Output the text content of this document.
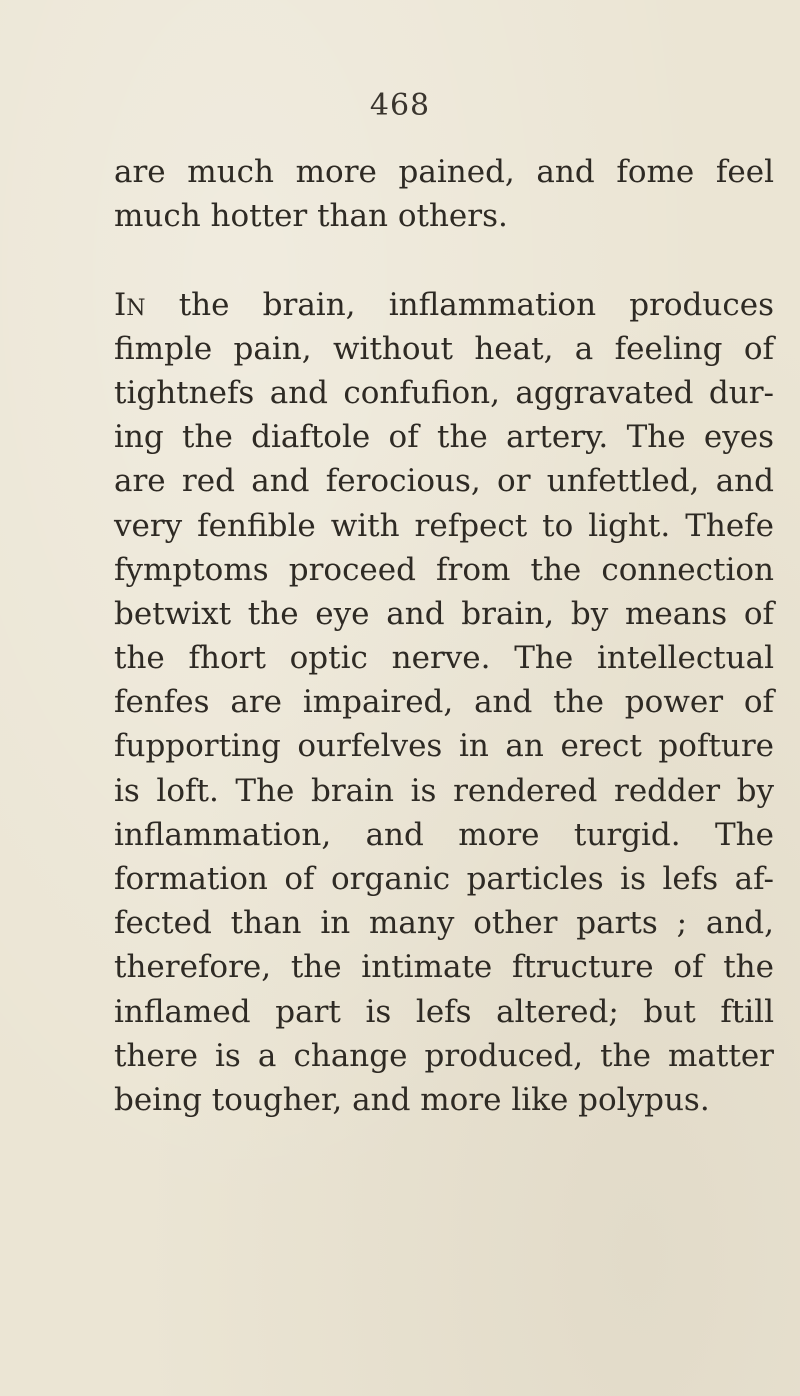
468
are much more pained, and fome feel
much hotter than others.
In the brain, inflammation produces
fimple pain, without heat, a feeling of
tightnefs and confufion, aggravated dur-
ing the diaftole of the artery. The eyes
are red and ferocious, or unfettled, and
very fenfible with refpect to light. Thefe
fymptoms proceed from the connection
betwixt the eye and brain, by means of
the fhort optic nerve. The intellectual
fenfes are impaired, and the power of
fupporting ourfelves in an erect pofture
is loft. The brain is rendered redder by
inflammation, and more turgid. The
formation of organic particles is lefs af-
fected than in many other parts ; and,
therefore, the intimate ftructure of the
inflamed part is lefs altered; but ftill
there is a change produced, the matter
being tougher, and more like polypus.
